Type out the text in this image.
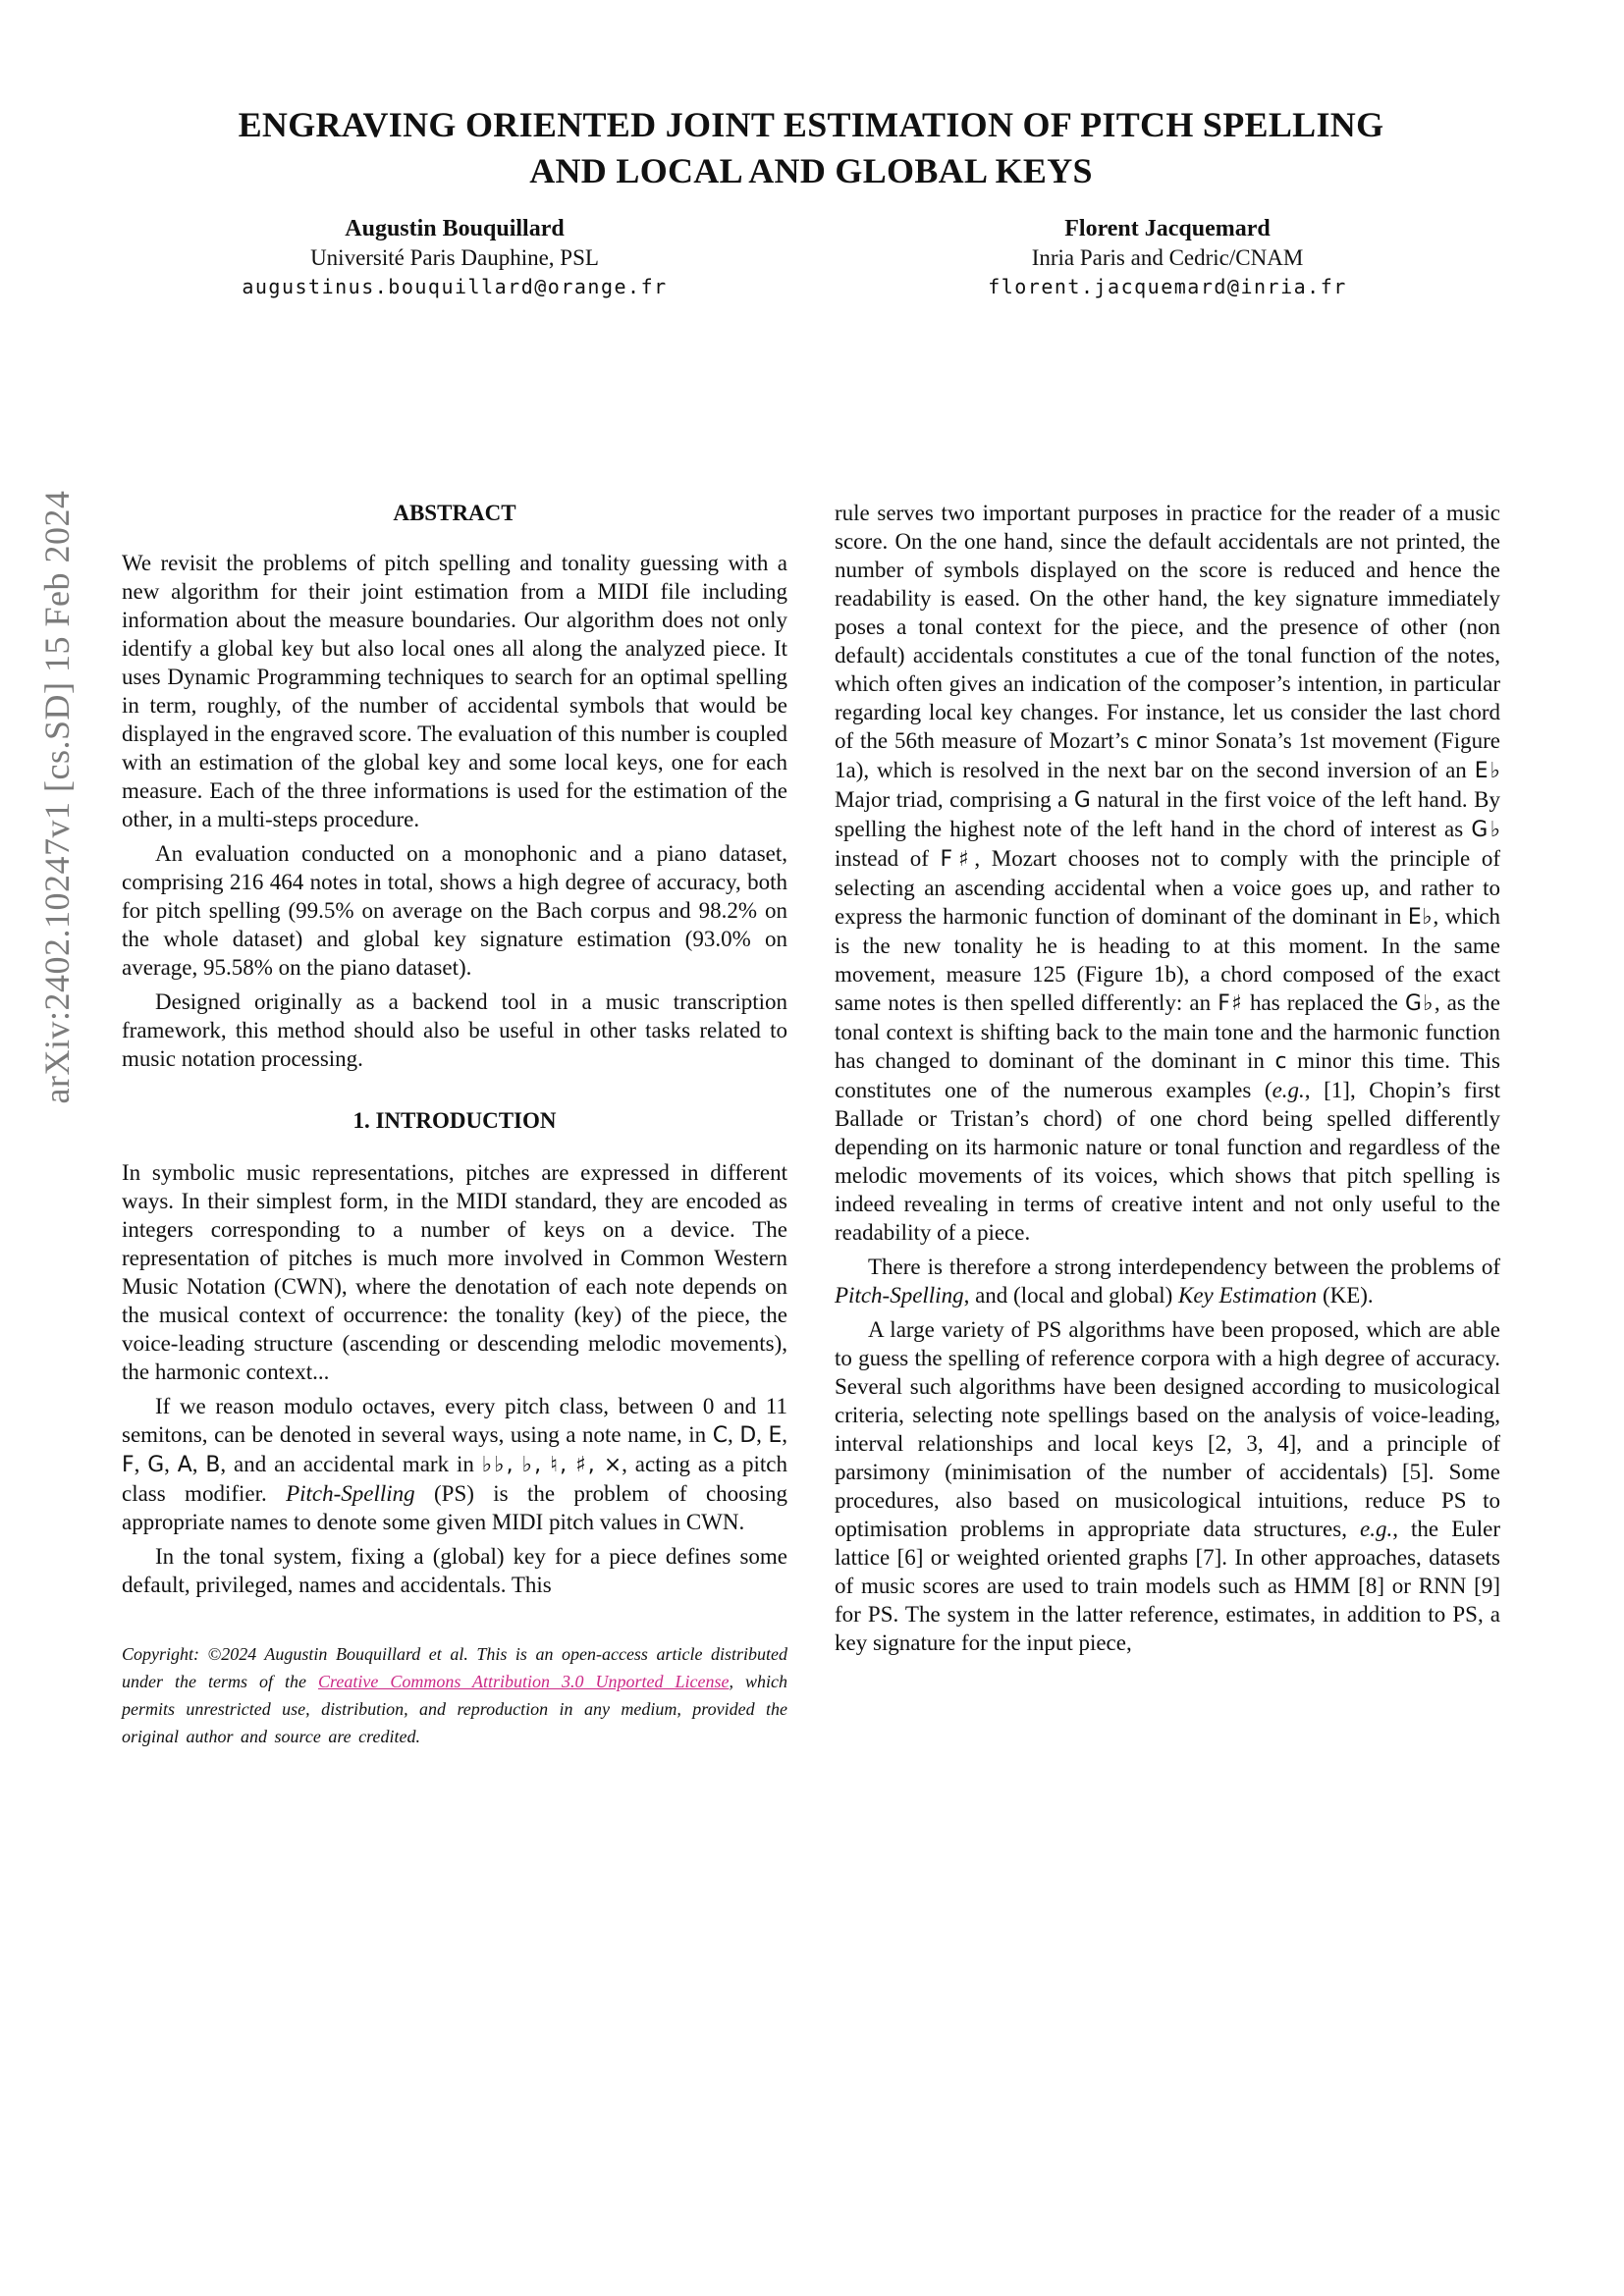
arXiv:2402.10247v1 [cs.SD] 15 Feb 2024
ENGRAVING ORIENTED JOINT ESTIMATION OF PITCH SPELLING
AND LOCAL AND GLOBAL KEYS
Augustin Bouquillard
Université Paris Dauphine, PSL
augustinus.bouquillard@orange.fr
Florent Jacquemard
Inria Paris and Cedric/CNAM
florent.jacquemard@inria.fr
ABSTRACT

We revisit the problems of pitch spelling and tonality guessing with a new algorithm for their joint estimation from a MIDI file including information about the measure boundaries. Our algorithm does not only identify a global key but also local ones all along the analyzed piece. It uses Dynamic Programming techniques to search for an optimal spelling in term, roughly, of the number of accidental symbols that would be displayed in the engraved score. The evaluation of this number is coupled with an estimation of the global key and some local keys, one for each measure. Each of the three informations is used for the estimation of the other, in a multi-steps procedure.

An evaluation conducted on a monophonic and a piano dataset, comprising 216 464 notes in total, shows a high degree of accuracy, both for pitch spelling (99.5% on average on the Bach corpus and 98.2% on the whole dataset) and global key signature estimation (93.0% on average, 95.58% on the piano dataset).

Designed originally as a backend tool in a music transcription framework, this method should also be useful in other tasks related to music notation processing.

1. INTRODUCTION

In symbolic music representations, pitches are expressed in different ways. In their simplest form, in the MIDI standard, they are encoded as integers corresponding to a number of keys on a device. The representation of pitches is much more involved in Common Western Music Notation (CWN), where the denotation of each note depends on the musical context of occurrence: the tonality (key) of the piece, the voice-leading structure (ascending or descending melodic movements), the harmonic context...

If we reason modulo octaves, every pitch class, between 0 and 11 semitons, can be denoted in several ways, using a note name, in C, D, E, F, G, A, B, and an accidental mark in ♭♭, ♭, ♮, ♯, ×, acting as a pitch class modifier. Pitch-Spelling (PS) is the problem of choosing appropriate names to denote some given MIDI pitch values in CWN.

In the tonal system, fixing a (global) key for a piece defines some default, privileged, names and accidentals. This

Copyright: ©2024 Augustin Bouquillard et al. This is an open-access article distributed under the terms of the Creative Commons Attribution 3.0 Unported License, which permits unrestricted use, distribution, and reproduction in any medium, provided the original author and source are credited.

rule serves two important purposes in practice for the reader of a music score. On the one hand, since the default accidentals are not printed, the number of symbols displayed on the score is reduced and hence the readability is eased. On the other hand, the key signature immediately poses a tonal context for the piece, and the presence of other (non default) accidentals constitutes a cue of the tonal function of the notes, which often gives an indication of the composer’s intention, in particular regarding local key changes. For instance, let us consider the last chord of the 56th measure of Mozart’s c minor Sonata’s 1st movement (Figure 1a), which is resolved in the next bar on the second inversion of an E♭ Major triad, comprising a G natural in the first voice of the left hand. By spelling the highest note of the left hand in the chord of interest as G♭ instead of F♯, Mozart chooses not to comply with the principle of selecting an ascending accidental when a voice goes up, and rather to express the harmonic function of dominant of the dominant in E♭, which is the new tonality he is heading to at this moment. In the same movement, measure 125 (Figure 1b), a chord composed of the exact same notes is then spelled differently: an F♯ has replaced the G♭, as the tonal context is shifting back to the main tone and the harmonic function has changed to dominant of the dominant in c minor this time. This constitutes one of the numerous examples (e.g., [1], Chopin’s first Ballade or Tristan’s chord) of one chord being spelled differently depending on its harmonic nature or tonal function and regardless of the melodic movements of its voices, which shows that pitch spelling is indeed revealing in terms of creative intent and not only useful to the readability of a piece.

There is therefore a strong interdependency between the problems of Pitch-Spelling, and (local and global) Key Estimation (KE).

A large variety of PS algorithms have been proposed, which are able to guess the spelling of reference corpora with a high degree of accuracy. Several such algorithms have been designed according to musicological criteria, selecting note spellings based on the analysis of voice-leading, interval relationships and local keys [2, 3, 4], and a principle of parsimony (minimisation of the number of accidentals) [5]. Some procedures, also based on musicological intuitions, reduce PS to optimisation problems in appropriate data structures, e.g., the Euler lattice [6] or weighted oriented graphs [7]. In other approaches, datasets of music scores are used to train models such as HMM [8] or RNN [9] for PS. The system in the latter reference, estimates, in addition to PS, a key signature for the input piece,
